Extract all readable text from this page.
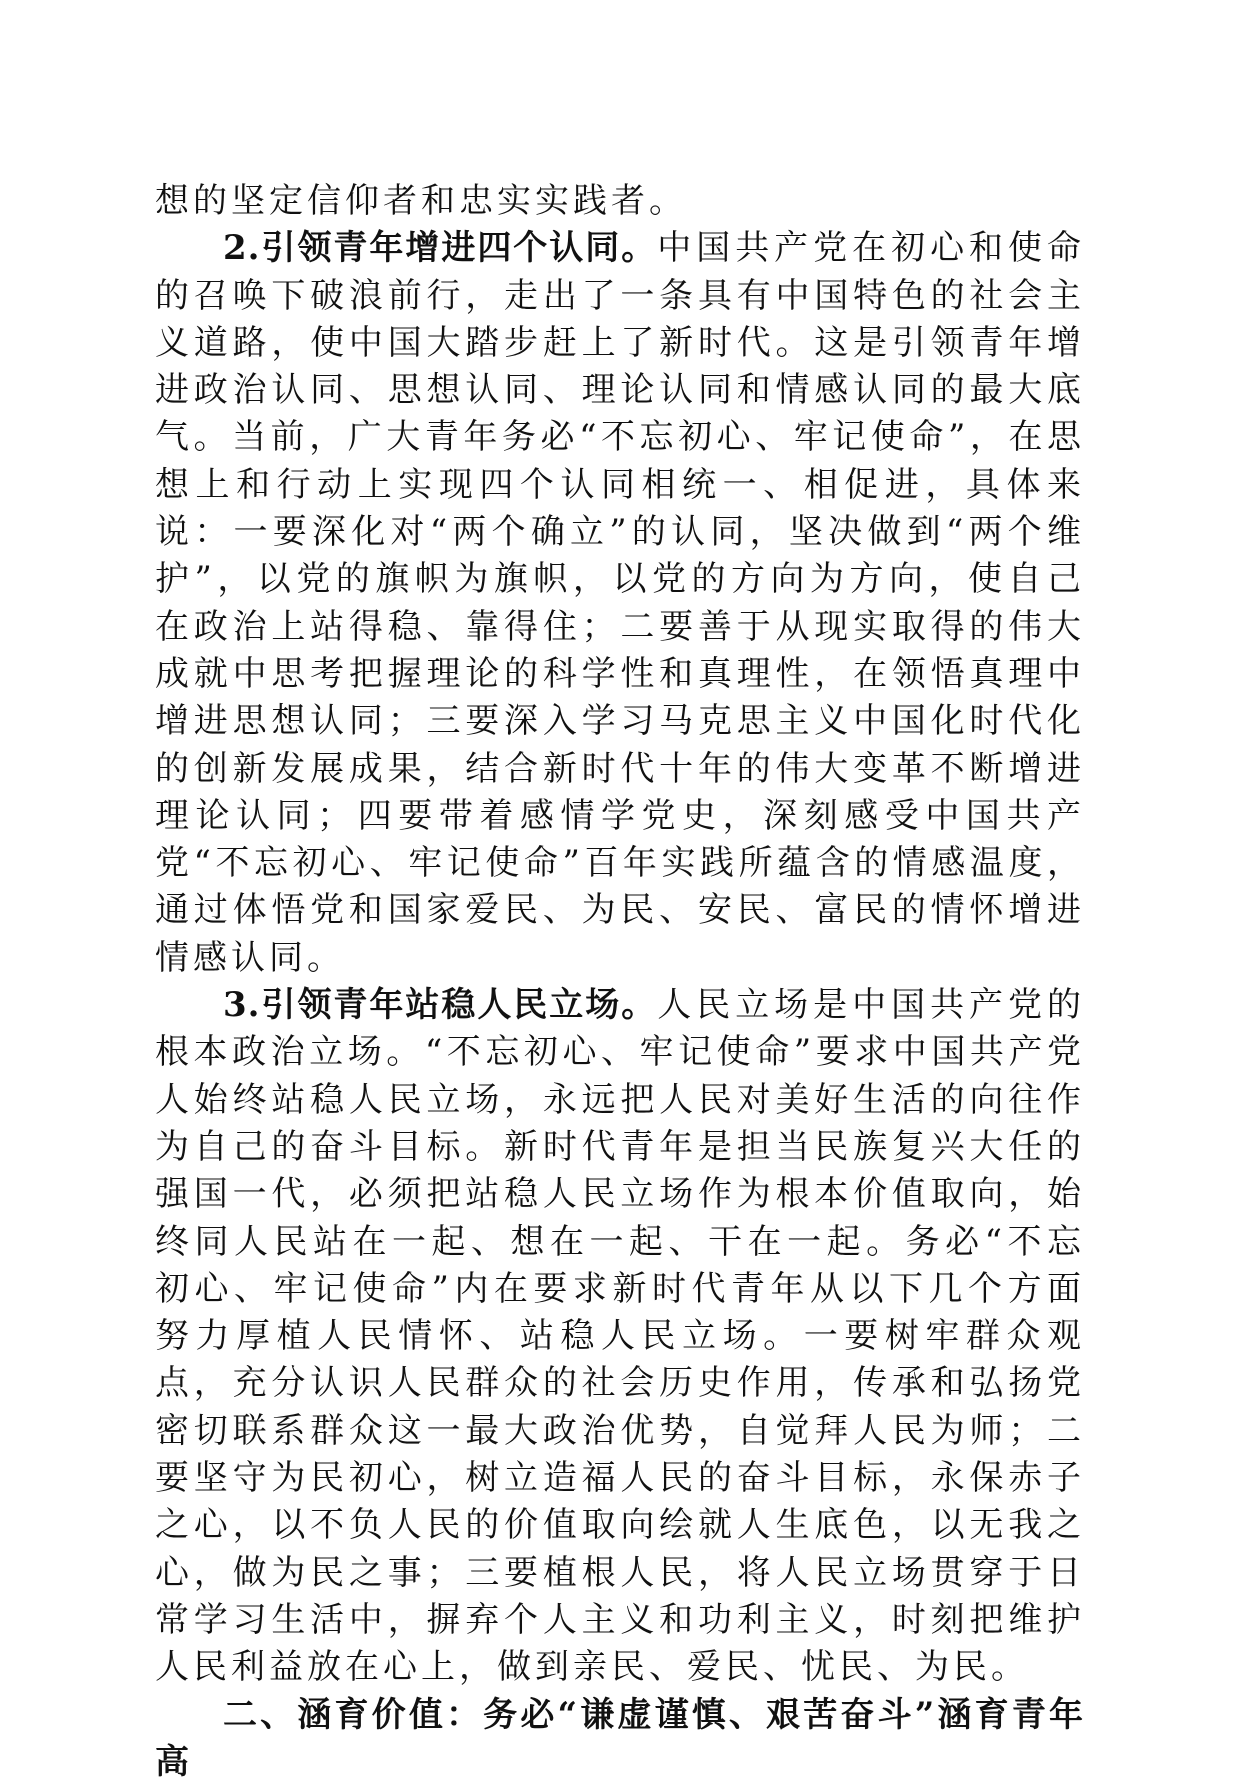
想的坚定信仰者和忠实实践者。

2.引领青年增进四个认同。中国共产党在初心和使命的召唤下破浪前行，走出了一条具有中国特色的社会主义道路，使中国大踏步赶上了新时代。这是引领青年增进政治认同、思想认同、理论认同和情感认同的最大底气。当前，广大青年务必“不忘初心、牢记使命”，在思想上和行动上实现四个认同相统一、相促进，具体来说：一要深化对“两个确立”的认同，坚决做到“两个维护”，以党的旗帜为旗帜，以党的方向为方向，使自己在政治上站得稳、靠得住；二要善于从现实取得的伟大成就中思考把握理论的科学性和真理性，在领悟真理中增进思想认同；三要深入学习马克思主义中国化时代化的创新发展成果，结合新时代十年的伟大变革不断增进理论认同；四要带着感情学党史，深刻感受中国共产党“不忘初心、牢记使命”百年实践所蕴含的情感温度，通过体悟党和国家爱民、为民、安民、富民的情怀增进情感认同。

3.引领青年站稳人民立场。人民立场是中国共产党的根本政治立场。“不忘初心、牢记使命”要求中国共产党人始终站稳人民立场，永远把人民对美好生活的向往作为自己的奋斗目标。新时代青年是担当民族复兴大任的强国一代，必须把站稳人民立场作为根本价值取向，始终同人民站在一起、想在一起、干在一起。务必“不忘初心、牢记使命”内在要求新时代青年从以下几个方面努力厚植人民情怀、站稳人民立场。一要树牢群众观点，充分认识人民群众的社会历史作用，传承和弘扬党密切联系群众这一最大政治优势，自觉拜人民为师；二要坚守为民初心，树立造福人民的奋斗目标，永保赤子之心，以不负人民的价值取向绘就人生底色，以无我之心，做为民之事；三要植根人民，将人民立场贯穿于日常学习生活中，摒弃个人主义和功利主义，时刻把维护人民利益放在心上，做到亲民、爱民、忧民、为民。

二、涵育价值：务必“谦虚谨慎、艰苦奋斗”涵育青年高
